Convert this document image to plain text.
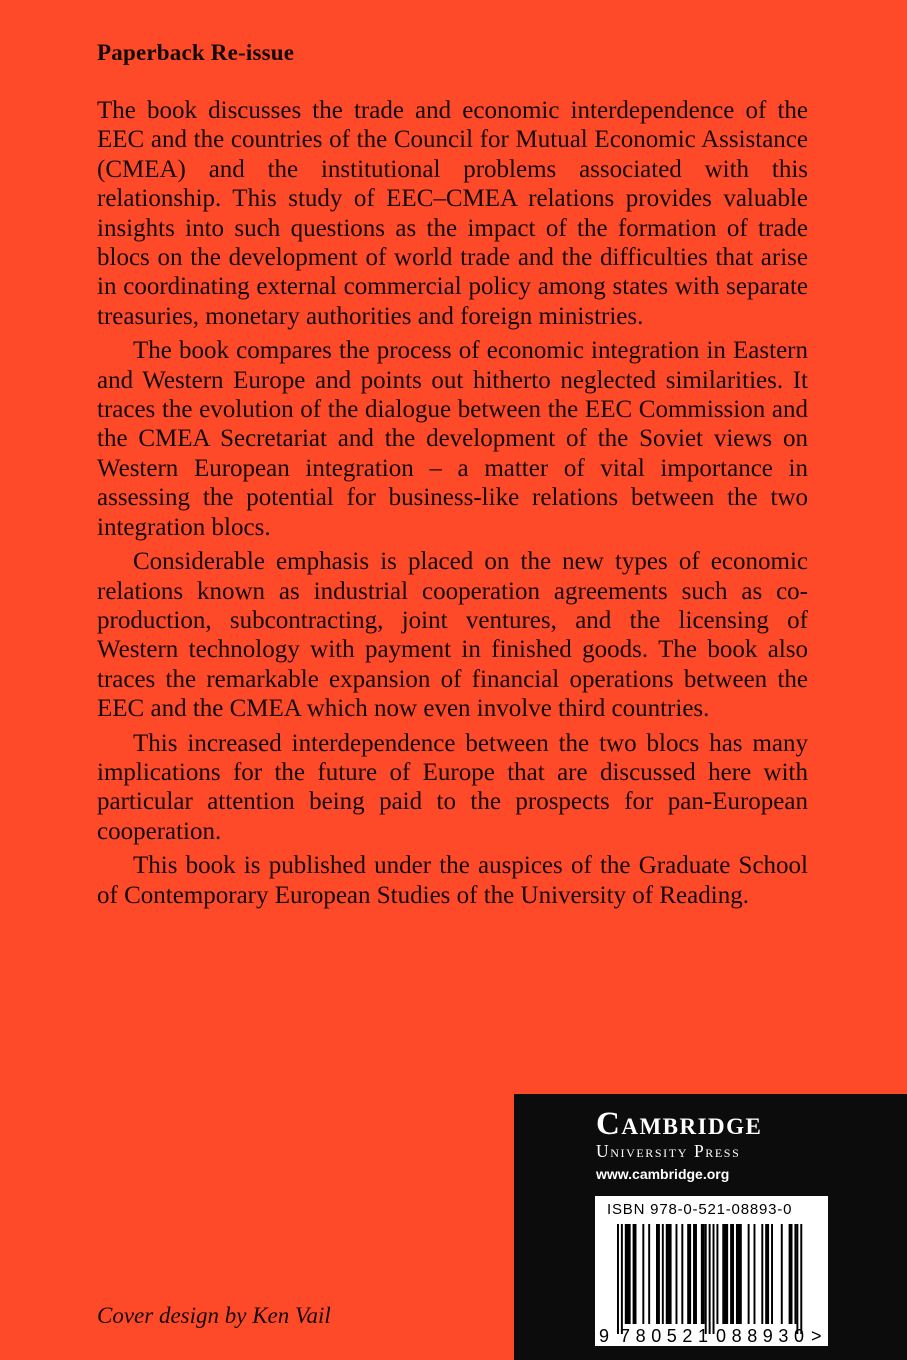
Paperback Re-issue

The book discusses the trade and economic interdependence of the EEC and the countries of the Council for Mutual Economic Assistance (CMEA) and the institutional problems associated with this relationship. This study of EEC–CMEA relations provides valuable insights into such questions as the impact of the formation of trade blocs on the development of world trade and the difficulties that arise in coordinating external commercial policy among states with separate treasuries, monetary authorities and foreign ministries.

The book compares the process of economic integration in Eastern and Western Europe and points out hitherto neglected similarities. It traces the evolution of the dialogue between the EEC Commission and the CMEA Secretariat and the development of the Soviet views on Western European integration – a matter of vital importance in assessing the potential for business-like relations between the two integration blocs.

Considerable emphasis is placed on the new types of economic relations known as industrial cooperation agreements such as co-production, subcontracting, joint ventures, and the licensing of Western technology with payment in finished goods. The book also traces the remarkable expansion of financial operations between the EEC and the CMEA which now even involve third countries.

This increased interdependence between the two blocs has many implications for the future of Europe that are discussed here with particular attention being paid to the prospects for pan-European cooperation.

This book is published under the auspices of the Graduate School of Contemporary European Studies of the University of Reading.

Cover design by Ken Vail
Cambridge
University Press
www.cambridge.org
ISBN 978-0-521-08893-0
9 780521 088930 >
